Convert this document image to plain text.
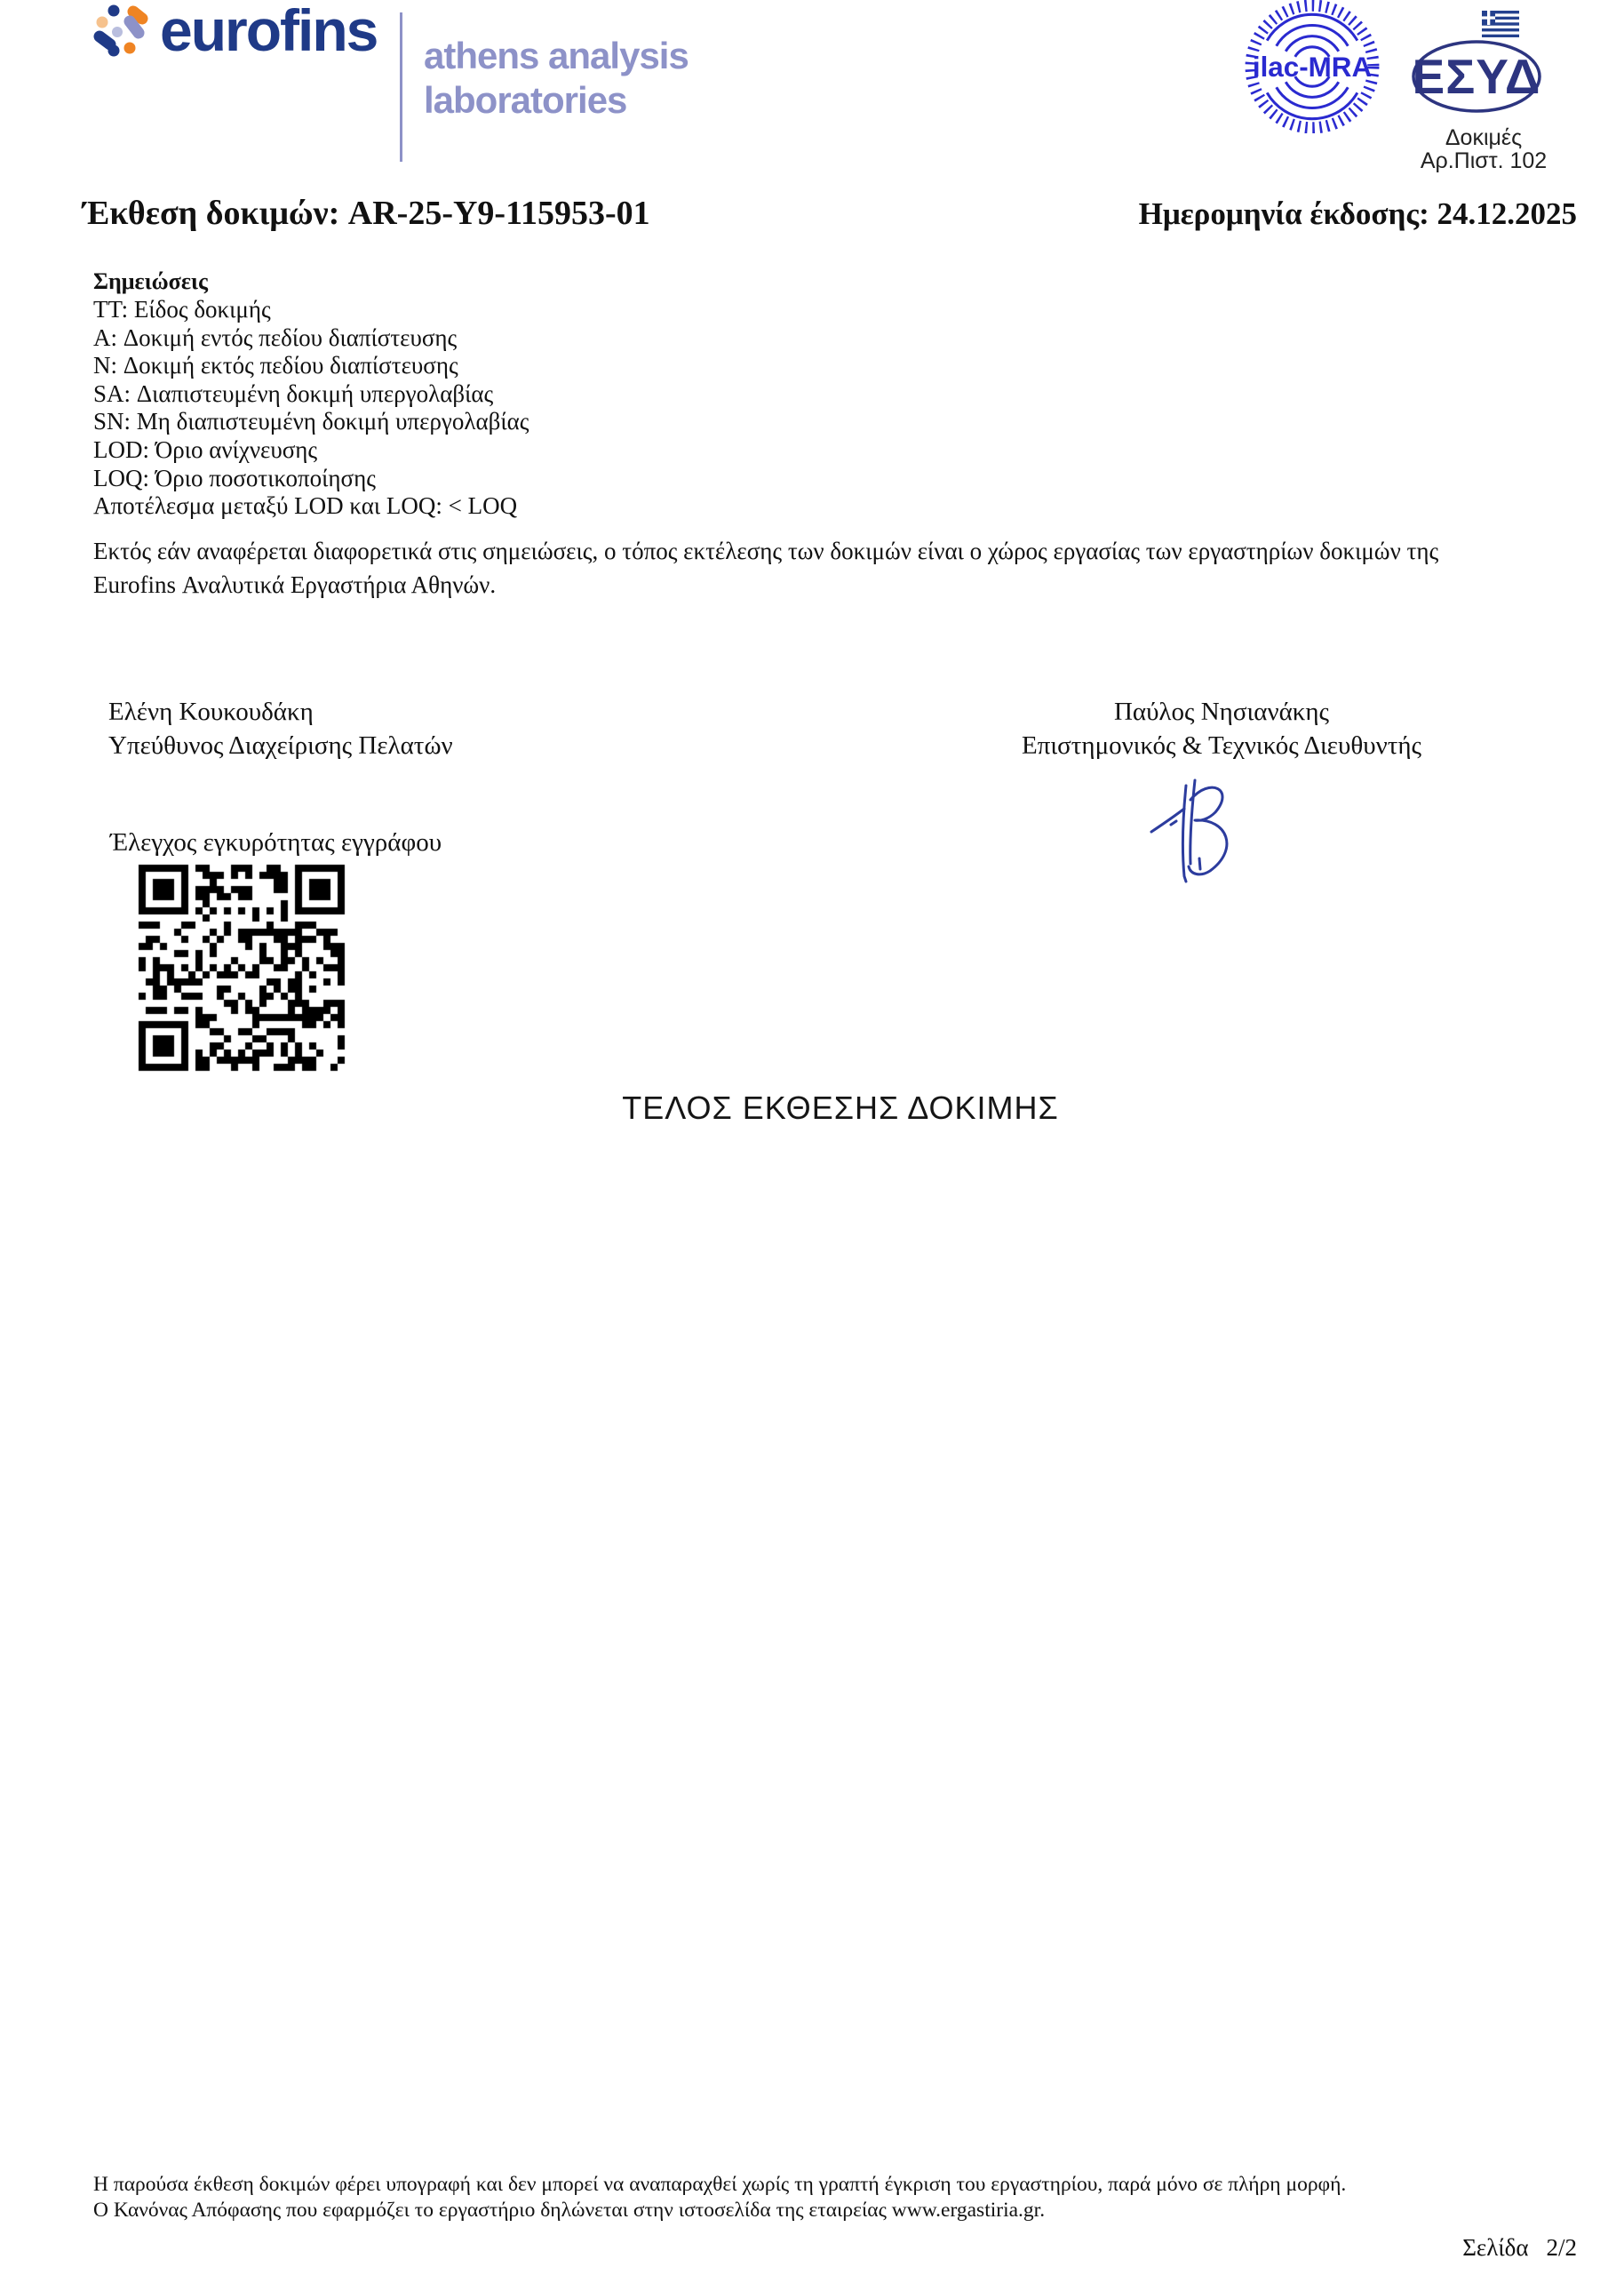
eurofins athens analysis
laboratories
ilac-MRA ΕΣΥΔ
Δοκιμές
Αρ.Πιστ. 102
Έκθεση δοκιμών: AR-25-Y9-115953-01	Ημερομηνία έκδοσης: 24.12.2025
Σημειώσεις
TT: Είδος δοκιμής
A: Δοκιμή εντός πεδίου διαπίστευσης
N: Δοκιμή εκτός πεδίου διαπίστευσης
SA: Διαπιστευμένη δοκιμή υπεργολαβίας
SN: Μη διαπιστευμένη δοκιμή υπεργολαβίας
LOD: Όριο ανίχνευσης
LOQ: Όριο ποσοτικοποίησης
Αποτέλεσμα μεταξύ LOD και LOQ: < LOQ
Εκτός εάν αναφέρεται διαφορετικά στις σημειώσεις, ο τόπος εκτέλεσης των δοκιμών είναι ο χώρος εργασίας των εργαστηρίων δοκιμών της Eurofins Αναλυτικά Εργαστήρια Αθηνών.
Ελένη Κουκουδάκη
Υπεύθυνος Διαχείρισης Πελατών
Παύλος Νησιανάκης
Επιστημονικός & Τεχνικός Διευθυντής
Έλεγχος εγκυρότητας εγγράφου
ΤΕΛΟΣ ΕΚΘΕΣΗΣ ΔΟΚΙΜΗΣ
Η παρούσα έκθεση δοκιμών φέρει υπογραφή και δεν μπορεί να αναπαραχθεί χωρίς τη γραπτή έγκριση του εργαστηρίου, παρά μόνο σε πλήρη μορφή.
Ο Κανόνας Απόφασης που εφαρμόζει το εργαστήριο δηλώνεται στην ιστοσελίδα της εταιρείας www.ergastiria.gr.
Σελίδα 2/2
